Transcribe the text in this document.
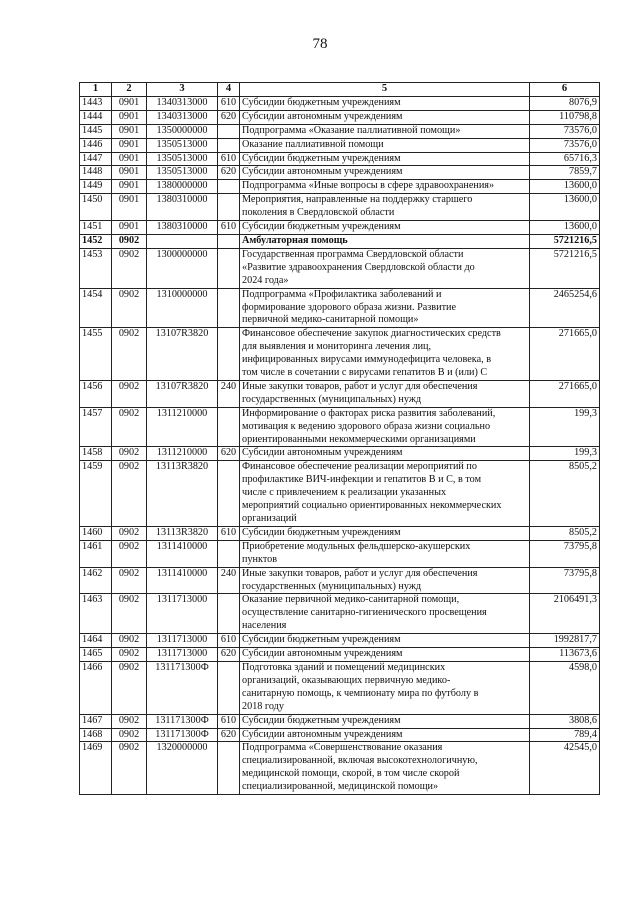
78
1	2	3	4	5	6
1443	0901	1340313000	610	Субсидии бюджетным учреждениям	8076,9
1444	0901	1340313000	620	Субсидии автономным учреждениям	110798,8
1445	0901	1350000000		Подпрограмма «Оказание паллиативной помощи»	73576,0
1446	0901	1350513000		Оказание паллиативной помощи	73576,0
1447	0901	1350513000	610	Субсидии бюджетным учреждениям	65716,3
1448	0901	1350513000	620	Субсидии автономным учреждениям	7859,7
1449	0901	1380000000		Подпрограмма «Иные вопросы в сфере здравоохранения»	13600,0
1450	0901	1380310000		Мероприятия, направленные на поддержку старшего
поколения в Свердловской области	13600,0
1451	0901	1380310000	610	Субсидии бюджетным учреждениям	13600,0
1452	0902			Амбулаторная помощь	5721216,5
1453	0902	1300000000		Государственная программа Свердловской области
«Развитие здравоохранения Свердловской области до
2024 года»	5721216,5
1454	0902	1310000000		Подпрограмма «Профилактика заболеваний и
формирование здорового образа жизни. Развитие
первичной медико-санитарной помощи»	2465254,6
1455	0902	13107R3820		Финансовое обеспечение закупок диагностических средств
для выявления и мониторинга лечения лиц,
инфицированных вирусами иммунодефицита человека, в
том числе в сочетании с вирусами гепатитов В и (или) С	271665,0
1456	0902	13107R3820	240	Иные закупки товаров, работ и услуг для обеспечения
государственных (муниципальных) нужд	271665,0
1457	0902	1311210000		Информирование о факторах риска развития заболеваний,
мотивация к ведению здорового образа жизни социально
ориентированными некоммерческими организациями	199,3
1458	0902	1311210000	620	Субсидии автономным учреждениям	199,3
1459	0902	13113R3820		Финансовое обеспечение реализации мероприятий по
профилактике ВИЧ-инфекции и гепатитов В и С, в том
числе с привлечением к реализации указанных
мероприятий социально ориентированных некоммерческих
организаций	8505,2
1460	0902	13113R3820	610	Субсидии бюджетным учреждениям	8505,2
1461	0902	1311410000		Приобретение модульных фельдшерско-акушерских
пунктов	73795,8
1462	0902	1311410000	240	Иные закупки товаров, работ и услуг для обеспечения
государственных (муниципальных) нужд	73795,8
1463	0902	1311713000		Оказание первичной медико-санитарной помощи,
осуществление санитарно-гигиенического просвещения
населения	2106491,3
1464	0902	1311713000	610	Субсидии бюджетным учреждениям	1992817,7
1465	0902	1311713000	620	Субсидии автономным учреждениям	113673,6
1466	0902	131171300Ф		Подготовка зданий и помещений медицинских
организаций, оказывающих первичную медико-
санитарную помощь, к чемпионату мира по футболу в
2018 году	4598,0
1467	0902	131171300Ф	610	Субсидии бюджетным учреждениям	3808,6
1468	0902	131171300Ф	620	Субсидии автономным учреждениям	789,4
1469	0902	1320000000		Подпрограмма «Совершенствование оказания
специализированной, включая высокотехнологичную,
медицинской помощи, скорой, в том числе скорой
специализированной, медицинской помощи»	42545,0
